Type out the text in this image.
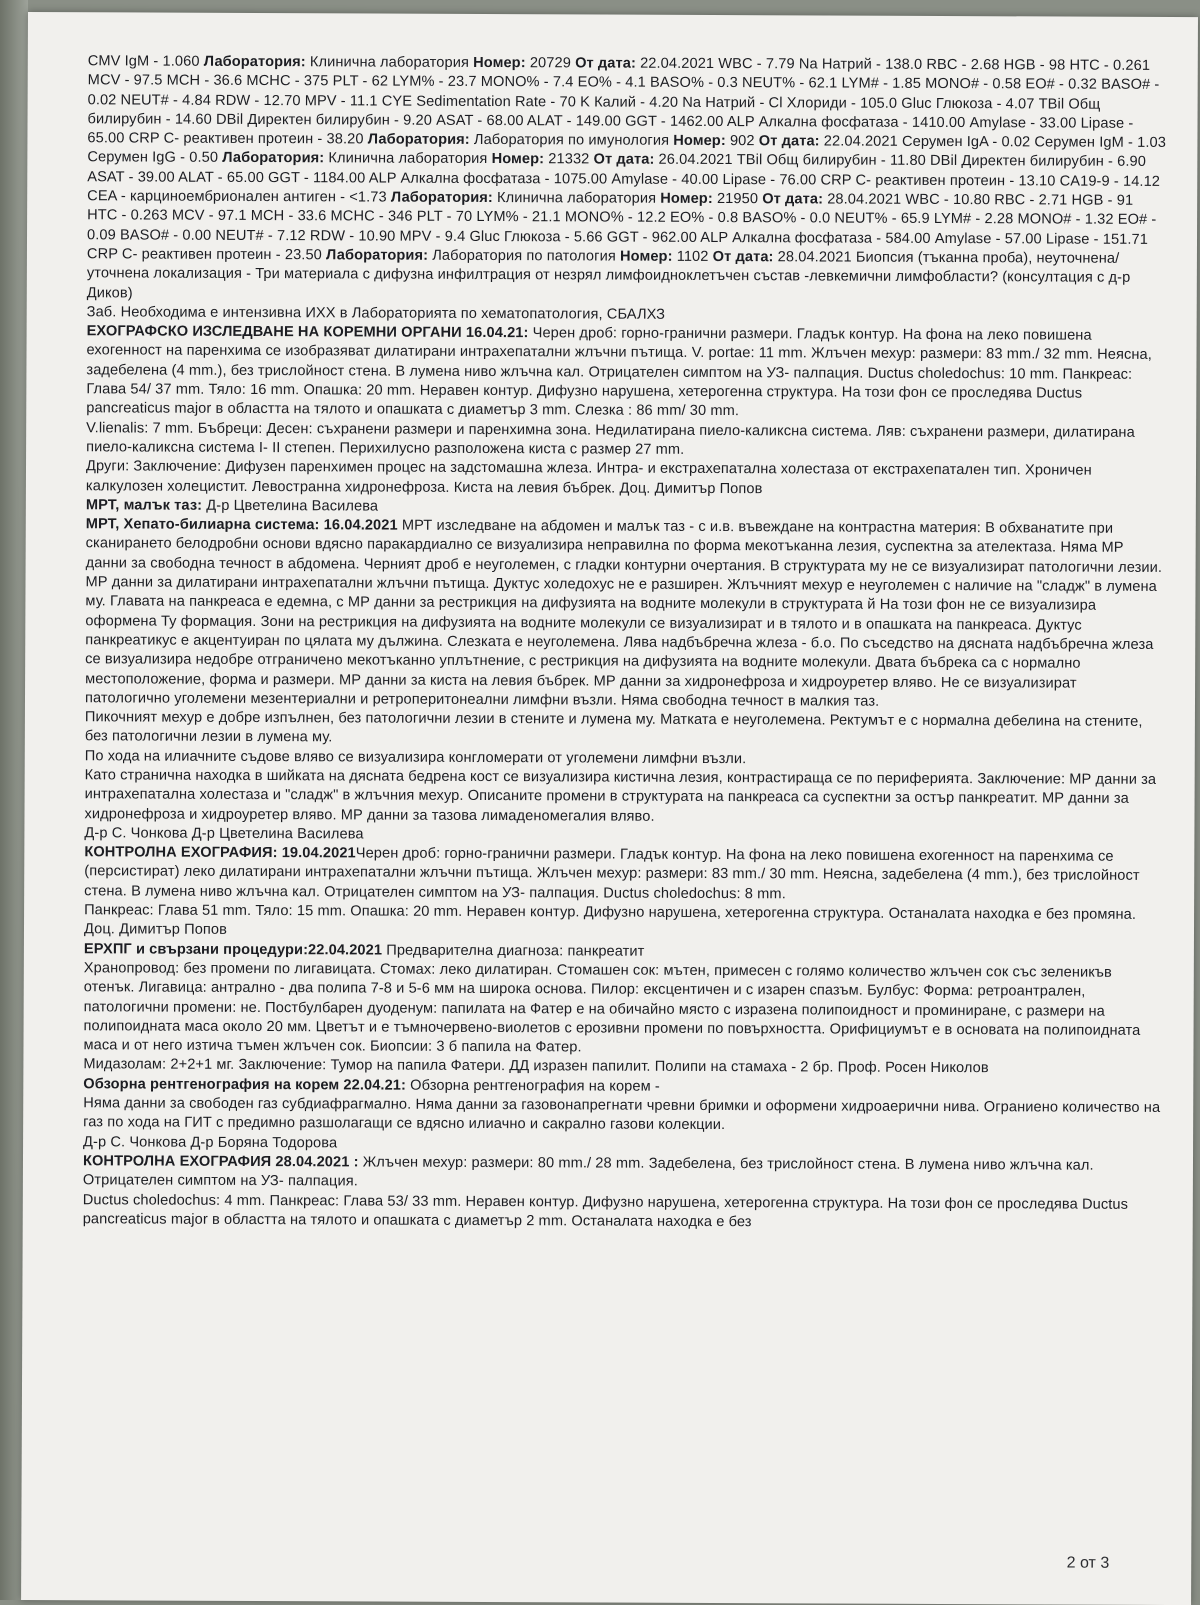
CMV IgM - 1.060 Лаборатория: Клинична лаборатория Номер: 20729 От дата: 22.04.2021 WBC - 7.79 Na Натрий - 138.0 RBC - 2.68 HGB - 98 HTC - 0.261 MCV - 97.5 MCH - 36.6 MCHC - 375 PLT - 62 LYM% - 23.7 MONO% - 7.4 EO% - 4.1 BASO% - 0.3 NEUT% - 62.1 LYM# - 1.85 MONO# - 0.58 EO# - 0.32 BASO# - 0.02 NEUT# - 4.84 RDW - 12.70 MPV - 11.1 CYE Sedimentation Rate - 70 K Калий - 4.20 Na Натрий - Cl Хлориди - 105.0 Gluc Глюкоза - 4.07 TBil Общ билирубин - 14.60 DBil Директен билирубин - 9.20 ASAT - 68.00 ALAT - 149.00 GGT - 1462.00 ALP Алкална фосфатаза - 1410.00 Amylase - 33.00 Lipase - 65.00 CRP C- реактивен протеин - 38.20 Лаборатория: Лаборатория по имунология Номер: 902 От дата: 22.04.2021 Серумен IgA - 0.02 Серумен IgM - 1.03 Серумен IgG - 0.50 Лаборатория: Клинична лаборатория Номер: 21332 От дата: 26.04.2021 TBil Общ билирубин - 11.80 DBil Директен билирубин - 6.90 ASAT - 39.00 ALAT - 65.00 GGT - 1184.00 ALP Алкална фосфатаза - 1075.00 Amylase - 40.00 Lipase - 76.00 CRP C- реактивен протеин - 13.10 CA19-9 - 14.12 CEA - карциноембрионален антиген - <1.73 Лаборатория: Клинична лаборатория Номер: 21950 От дата: 28.04.2021 WBC - 10.80 RBC - 2.71 HGB - 91 HTC - 0.263 MCV - 97.1 MCH - 33.6 MCHC - 346 PLT - 70 LYM% - 21.1 MONO% - 12.2 EO% - 0.8 BASO% - 0.0 NEUT% - 65.9 LYM# - 2.28 MONO# - 1.32 EO# - 0.09 BASO# - 0.00 NEUT# - 7.12 RDW - 10.90 MPV - 9.4 Gluc Глюкоза - 5.66 GGT - 962.00 ALP Алкална фосфатаза - 584.00 Amylase - 57.00 Lipase - 151.71 CRP C- реактивен протеин - 23.50 Лаборатория: Лаборатория по патология Номер: 1102 От дата: 28.04.2021 Биопсия (тъканна проба), неуточнена/уточнена локализация - Три материала с дифузна инфилтрация от незрял лимфоидноклетъчен състав -левкемични лимфобласти? (консултация с д-р Диков)

Заб. Необходима е интензивна ИХХ в Лабораторията по хематопатология, СБАЛХЗ

ЕХОГРАФСКО ИЗСЛЕДВАНЕ НА КОРЕМНИ ОРГАНИ 16.04.21: Черен дроб: горно-гранични размери. Гладък контур. На фона на леко повишена ехогенност на паренхима се изобразяват дилатирани интрахепатални жлъчни пътища. V. portae: 11 mm. Жлъчен мехур: размери: 83 mm./ 32 mm. Неясна, задебелена (4 mm.), без трислойност стена. В лумена ниво жлъчна кал. Отрицателен симптом на УЗ- палпация. Ductus choledochus: 10 mm. Панкреас: Глава 54/ 37 mm. Тяло: 16 mm. Опашка: 20 mm. Неравен контур. Дифузно нарушена, хетерогенна структура. На този фон се проследява Ductus pancreaticus major в областта на тялото и опашката с диаметър 3 mm. Слезка : 86 mm/ 30 mm.

V.lienalis: 7 mm. Бъбреци: Десен: съхранени размери и паренхимна зона. Недилатирана пиело-каликсна система. Ляв: съхранени размери, дилатирана пиело-каликсна система I- II степен. Перихилусно разположена киста с размер 27 mm.

Други: Заключение: Дифузен паренхимен процес на задстомашна жлеза. Интра- и екстрахепатална холестаза от екстрахепатален тип. Хроничен калкулозен холецистит. Левостранна хидронефроза. Киста на левия бъбрек. Доц. Димитър Попов

МРТ, малък таз: Д-р Цветелина Василева

МРТ, Хепато-билиарна система: 16.04.2021 МРТ изследване на абдомен и малък таз - с и.в. въвеждане на контрастна материя: В обхванатите при сканирането белодробни основи вдясно паракардиално се визуализира неправилна по форма мекотъканна лезия, суспектна за ателектаза. Няма МР данни за свободна течност в абдомена. Черният дроб е неуголемен, с гладки контурни очертания. В структурата му не се визуализират патологични лезии. МР данни за дилатирани интрахепатални жлъчни пътища. Дуктус холедохус не е разширен. Жлъчният мехур е неуголемен с наличие на "сладж" в лумена му. Главата на панкреаса е едемна, с МР данни за рестрикция на дифузията на водните молекули в структурата й На този фон не се визуализира оформена Ту формация. Зони на рестрикция на дифузията на водните молекули се визуализират и в тялото и в опашката на панкреаса. Дуктус панкреатикус е акцентуиран по цялата му дължина. Слезката е неуголемена. Лява надбъбречна жлеза - б.о. По съседство на дясната надбъбречна жлеза се визуализира недобре отграничено мекотъканно уплътнение, с рестрикция на дифузията на водните молекули. Двата бъбрека са с нормално местоположение, форма и размери. МР данни за киста на левия бъбрек. МР данни за хидронефроза и хидроуретер вляво. Не се визуализират патологично уголемени мезентериални и ретроперитонеални лимфни възли. Няма свободна течност в малкия таз.

Пикочният мехур е добре изпълнен, без патологични лезии в стените и лумена му. Матката е неуголемена. Ректумът е с нормална дебелина на стените, без патологични лезии в лумена му.

По хода на илиачните съдове вляво се визуализира конгломерати от уголемени лимфни възли.

Като странична находка в шийката на дясната бедрена кост се визуализира кистична лезия, контрастираща се по периферията. Заключение: МР данни за интрахепатална холестаза и "сладж" в жлъчния мехур. Описаните промени в структурата на панкреаса са суспектни за остър панкреатит. МР данни за хидронефроза и хидроуретер вляво. МР данни за тазова лимаденомегалия вляво.

Д-р С. Чонкова Д-р Цветелина Василева

КОНТРОЛНА ЕХОГРАФИЯ: 19.04.2021Черен дроб: горно-гранични размери. Гладък контур. На фона на леко повишена ехогенност на паренхима се (персистират) леко дилатирани интрахепатални жлъчни пътища. Жлъчен мехур: размери: 83 mm./ 30 mm. Неясна, задебелена (4 mm.), без трислойност стена. В лумена ниво жлъчна кал. Отрицателен симптом на УЗ- палпация. Ductus choledochus: 8 mm.

Панкреас: Глава 51 mm. Тяло: 15 mm. Опашка: 20 mm. Неравен контур. Дифузно нарушена, хетерогенна структура. Останалата находка е без промяна. Доц. Димитър Попов

ЕРХПГ и свързани процедури:22.04.2021 Предварителна диагноза: панкреатит

Хранопровод: без промени по лигавицата. Стомах: леко дилатиран. Стомашен сок: мътен, примесен с голямо количество жлъчен сок със зеленикъв отенък. Лигавица: антрално - два полипа 7-8 и 5-6 мм на широка основа. Пилор: ексцентичен и с изарен спазъм. Булбус: Форма: ретроантрален, патологични промени: не. Постбулбарен дуоденум: папилата на Фатер е на обичайно място с изразена полипоидност и проминиране, с размери на полипоидната маса около 20 мм. Цветът и е тъмночервено-виолетов с ерозивни промени по повърхността. Орифициумът е в основата на полипоидната маса и от него изтича тъмен жлъчен сок. Биопсии: 3 б папила на Фатер.

Мидазолам: 2+2+1 мг. Заключение: Тумор на папила Фатери. ДД изразен папилит. Полипи на стамаха - 2 бр. Проф. Росен Николов

Обзорна рентгенография на корем 22.04.21: Обзорна рентгенография на корем -

Няма данни за свободен газ субдиафрагмално. Няма данни за газовонапрегнати чревни бримки и оформени хидроаерични нива. Ограниено количество на газ по хода на ГИТ с предимно разшолагащи се вдясно илиачно и сакрално газови колекции.

Д-р С. Чонкова Д-р Боряна Тодорова

КОНТРОЛНА ЕХОГРАФИЯ 28.04.2021 : Жлъчен мехур: размери: 80 mm./ 28 mm. Задебелена, без трислойност стена. В лумена ниво жлъчна кал. Отрицателен симптом на УЗ- палпация.

Ductus choledochus: 4 mm. Панкреас: Глава 53/ 33 mm. Неравен контур. Дифузно нарушена, хетерогенна структура. На този фон се проследява Ductus pancreaticus major в областта на тялото и опашката с диаметър 2 mm. Останалата находка е без

2 от 3
